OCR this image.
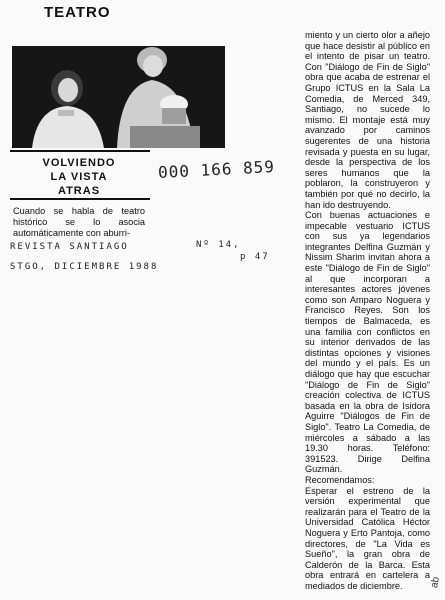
TEATRO
VOLVIENDO
LA VISTA
ATRAS
000 166 859
Cuando se habla de teatro histórico se lo asocia automáticamente con aburri-
REVISTA SANTIAGO	Nº 14,
p 47
STGO, DICIEMBRE 1988

miento y un cierto olor a añejo que hace desistir al público en el intento de pisar un teatro. Con "Diálogo de Fin de Siglo" obra que acaba de estrenar el Grupo ICTUS en la Sala La Comedia, de Merced 349, Santiago, no sucede lo mismo. El montaje está muy avanzado por caminos sugerentes de una historia revisada y puesta en su lugar, desde la perspectiva de los seres humanos que la poblaron, la construyeron y también por qué no decirlo, la han ido destruyendo.

Con buenas actuaciones e impecable vestuario ICTUS con sus ya legendarios integrantes Delfina Guzmán y Nissim Sharim invitan ahora a este "Diálogo de Fin de Siglo" al que incorporan a interesantes actores jóvenes como son Amparo Noguera y Francisco Reyes. Son los tiempos de Balmaceda, es una familia con conflictos en su interior derivados de las distintas opciones y visiones del mundo y el país. Es un diálogo que hay que escuchar "Diálogo de Fin de Siglo" creación colectiva de ICTUS basada en la obra de Isidora Aguirre "Diálogos de Fin de Siglo". Teatro La Comedia, de miércoles a sábado a las 19.30 horas. Teléfono: 391523. Dirige Delfina Guzmán.

Recomendamos:

Esperar el estreno de la versión experimental que realizarán para el Teatro de la Universidad Católica Héctor Noguera y Erto Pantoja, como directores, de "La Vida es Sueño", la gran obra de Calderón de la Barca. Esta obra entrará en cartelera a mediados de diciembre.	ab
